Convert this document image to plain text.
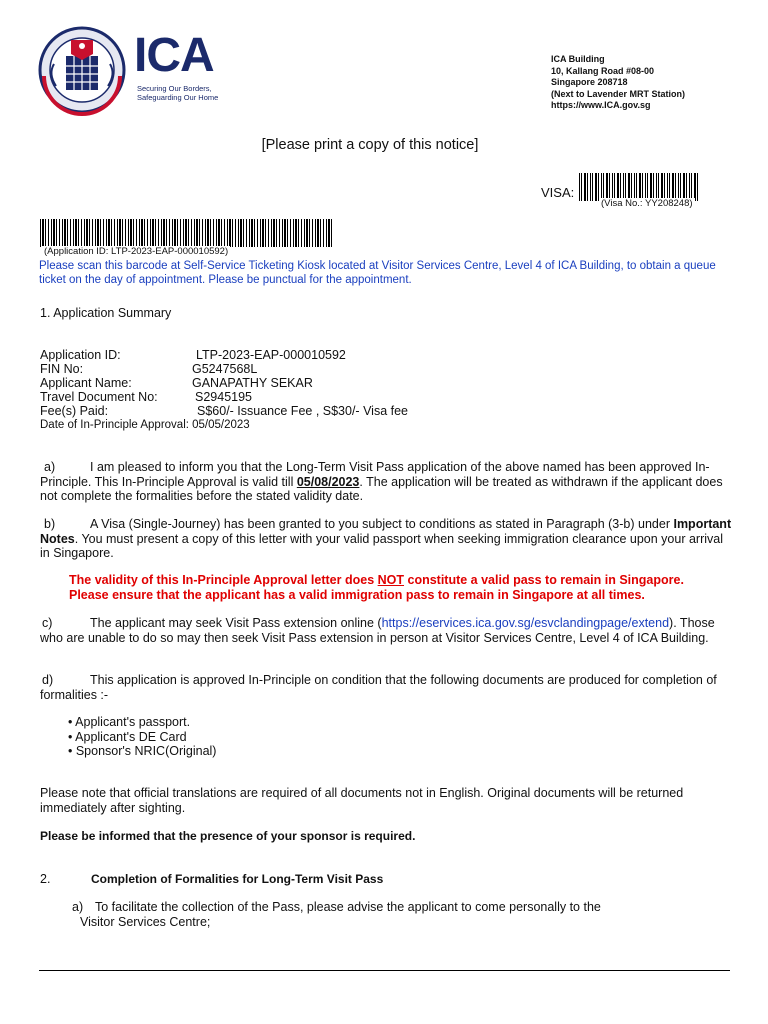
ICA
Securing Our Borders,
Safeguarding Our Home
ICA Building
10, Kallang Road #08-00
Singapore 208718
(Next to Lavender MRT Station)
https://www.ICA.gov.sg
[Please print a copy of this notice]
VISA:
(Visa No.: YY208248)
(Application ID: LTP-2023-EAP-000010592)
Please scan this barcode at Self-Service Ticketing Kiosk located at Visitor Services Centre, Level 4 of ICA Building, to obtain a queue ticket on the day of appointment. Please be punctual for the appointment.
1. Application Summary
Application ID:	LTP-2023-EAP-000010592
FIN No:	G5247568L
Applicant Name:	GANAPATHY SEKAR
Travel Document No:	S2945195
Fee(s) Paid:	S$60/- Issuance Fee , S$30/- Visa fee
Date of In-Principle Approval: 05/05/2023
a)	I am pleased to inform you that the Long-Term Visit Pass application of the above named has been approved In-Principle. This In-Principle Approval is valid till 05/08/2023. The application will be treated as withdrawn if the applicant does not complete the formalities before the stated validity date.
b)	A Visa (Single-Journey) has been granted to you subject to conditions as stated in Paragraph (3-b) under Important Notes. You must present a copy of this letter with your valid passport when seeking immigration clearance upon your arrival in Singapore.
The validity of this In-Principle Approval letter does NOT constitute a valid pass to remain in Singapore.
Please ensure that the applicant has a valid immigration pass to remain in Singapore at all times.
c)	The applicant may seek Visit Pass extension online (https://eservices.ica.gov.sg/esvclandingpage/extend). Those who are unable to do so may then seek Visit Pass extension in person at Visitor Services Centre, Level 4 of ICA Building.
d)	This application is approved In-Principle on condition that the following documents are produced for completion of formalities :-
• Applicant's passport.
• Applicant's DE Card
• Sponsor's NRIC(Original)
Please note that official translations are required of all documents not in English. Original documents will be returned immediately after sighting.
Please be informed that the presence of your sponsor is required.
2.	Completion of Formalities for Long-Term Visit Pass
a) To facilitate the collection of the Pass, please advise the applicant to come personally to the
Visitor Services Centre;
